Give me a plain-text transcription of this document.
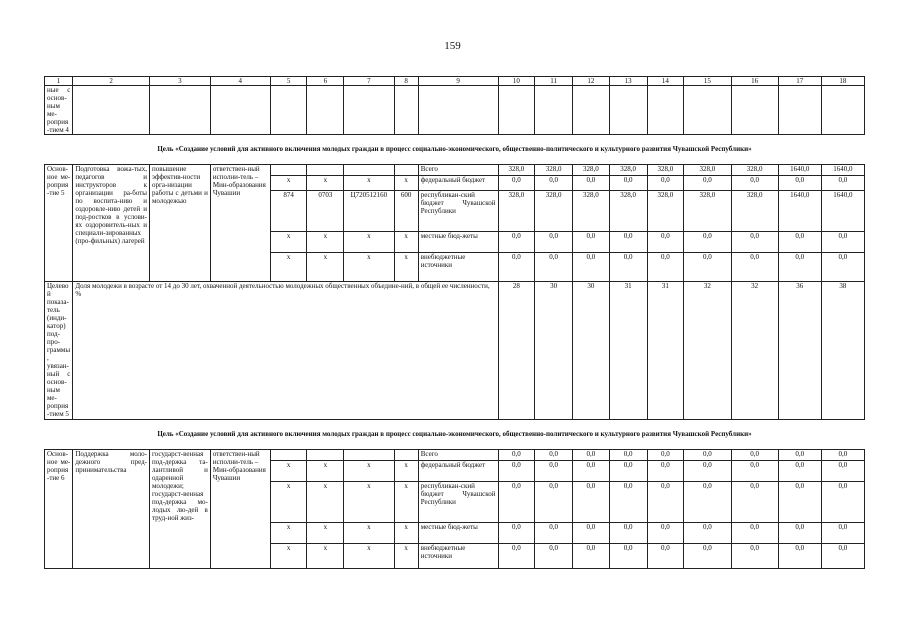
159
1	2	3	4	5	6	7	8	9	10	11	12	13	14	15	16	17	18
ные с основ-ным ме-роприя-тием 4																	

Цель «Создание условий для активного включения молодых граждан в процесс социально-экономического, общественно-политического и культурного развития Чувашской Республики»																	

Основ-ное ме-роприя-тие 5	Подготовка вожа-тых, педагогов и инструкторов к организации ра-боты по воспита-нию и оздоровле-нию детей и под-ростков в услови-ях оздоровитель-ных и специали-зированных (про-фильных) лагерей	повышение эффектив-ности орга-низации работы с детьми и молодежью	ответствен-ный исполни-тель – Мин-образования Чувашии					Всего	328,0	328,0	328,0	328,0	328,0	328,0	328,0	1640,0	1640,0
				x	x	x	x	федеральный бюджет	0,0	0,0	0,0	0,0	0,0	0,0	0,0	0,0	0,0
				874	0703	Ц720512160	600	республикан-ский бюджет Чувашской Республики	328,0	328,0	328,0	328,0	328,0	328,0	328,0	1640,0	1640,0
				x	x	x	x	местные бюд-жеты	0,0	0,0	0,0	0,0	0,0	0,0	0,0	0,0	0,0
				x	x	x	x	внебюджетные источники	0,0	0,0	0,0	0,0	0,0	0,0	0,0	0,0	0,0
Целевой показа-тель (инди-катор) под-про-граммы, увязан-ный с основ-ным ме-роприя-тием 5	Доля молодежи в возрасте от 14 до 30 лет, охваченной деятельностью молодежных общественных объедине-ний, в общей ее численности, %								28	30	30	31	31	32	32	36	38

Цель «Создание условий для активного включения молодых граждан в процесс социально-экономического, общественно-политического и культурного развития Чувашской Республики»																	

Основ-ное ме-роприя-тие 6	Поддержка моло-дежного пред-принимательства	государст-венная под-держка та-лантливой и одаренной молодежи; государст-венная под-держка мо-лодых лю-дей в труд-ной жиз-	ответствен-ный исполни-тель – Мин-образования Чувашии					Всего	0,0	0,0	0,0	0,0	0,0	0,0	0,0	0,0	0,0
				x	x	x	x	федеральный бюджет	0,0	0,0	0,0	0,0	0,0	0,0	0,0	0,0	0,0
				x	x	x	x	республикан-ский бюджет Чувашской Республики	0,0	0,0	0,0	0,0	0,0	0,0	0,0	0,0	0,0
				x	x	x	x	местные бюд-жеты	0,0	0,0	0,0	0,0	0,0	0,0	0,0	0,0	0,0
				x	x	x	x	внебюджетные источники	0,0	0,0	0,0	0,0	0,0	0,0	0,0	0,0	0,0
